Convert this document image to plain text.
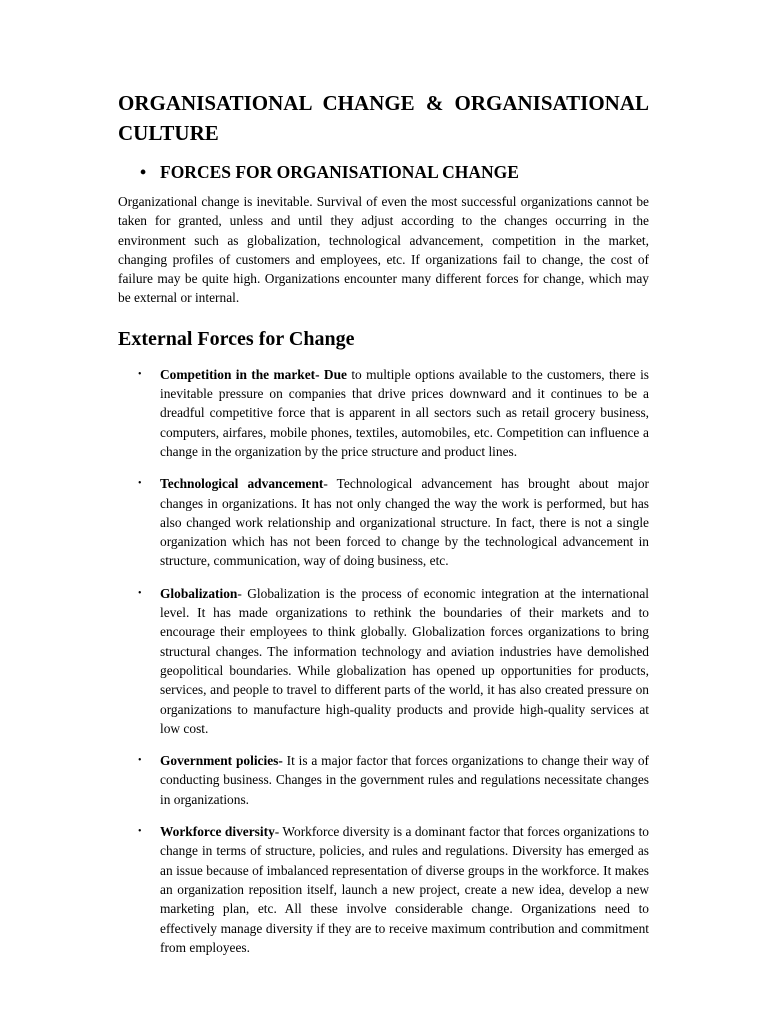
ORGANISATIONAL CHANGE & ORGANISATIONAL CULTURE
• FORCES FOR ORGANISATIONAL CHANGE

Organizational change is inevitable. Survival of even the most successful organizations cannot be taken for granted, unless and until they adjust according to the changes occurring in the environment such as globalization, technological advancement, competition in the market, changing profiles of customers and employees, etc. If organizations fail to change, the cost of failure may be quite high. Organizations encounter many different forces for change, which may be external or internal.

External Forces for Change
•	Competition in the market- Due to multiple options available to the customers, there is inevitable pressure on companies that drive prices downward and it continues to be a dreadful competitive force that is apparent in all sectors such as retail grocery business, computers, airfares, mobile phones, textiles, automobiles, etc. Competition can influence a change in the organization by the price structure and product lines.
•	Technological advancement- Technological advancement has brought about major changes in organizations. It has not only changed the way the work is performed, but has also changed work relationship and organizational structure. In fact, there is not a single organization which has not been forced to change by the technological advancement in structure, communication, way of doing business, etc.
•	Globalization- Globalization is the process of economic integration at the international level. It has made organizations to rethink the boundaries of their markets and to encourage their employees to think globally. Globalization forces organizations to bring structural changes. The information technology and aviation industries have demolished geopolitical boundaries. While globalization has opened up opportunities for products, services, and people to travel to different parts of the world, it has also created pressure on organizations to manufacture high-quality products and provide high-quality services at low cost.
•	Government policies- It is a major factor that forces organizations to change their way of conducting business. Changes in the government rules and regulations necessitate changes in organizations.
•	Workforce diversity- Workforce diversity is a dominant factor that forces organizations to change in terms of structure, policies, and rules and regulations. Diversity has emerged as an issue because of imbalanced representation of diverse groups in the workforce. It makes an organization reposition itself, launch a new project, create a new idea, develop a new marketing plan, etc. All these involve considerable change. Organizations need to effectively manage diversity if they are to receive maximum contribution and commitment from employees.
